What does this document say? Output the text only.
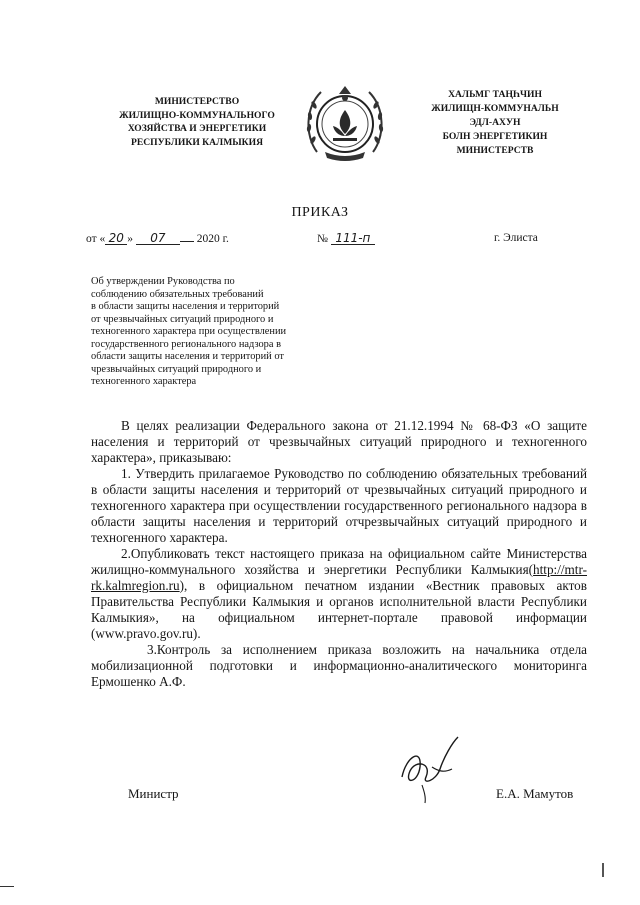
МИНИСТЕРСТВО
ЖИЛИЩНО-КОММУНАЛЬНОГО
ХОЗЯЙСТВА И ЭНЕРГЕТИКИ
РЕСПУБЛИКИ КАЛМЫКИЯ
ХАЛЬМГ ТАҢҺЧИН
ЖИЛИЩН-КОММУНАЛЬН
ЭДЛ-АХУН
БОЛН ЭНЕРГЕТИКИН
МИНИСТЕРСТВ
ПРИКАЗ
от « 20 » 07	2020 г.	№ 111-п	г. Элиста
Об утверждении Руководства по
соблюдению обязательных требований
в области защиты населения и территорий
от чрезвычайных ситуаций природного и
техногенного характера при осуществлении
государственного регионального надзора в
области защиты населения и территорий от
чрезвычайных ситуаций природного и
техногенного характера

В целях реализации Федерального закона от 21.12.1994 № 68-ФЗ «О защите населения и территорий от чрезвычайных ситуаций природного и техногенного характера», приказываю:

1. Утвердить прилагаемое Руководство по соблюдению обязательных требований в области защиты населения и территорий от чрезвычайных ситуаций природного и техногенного характера при осуществлении государственного регионального надзора в области защиты населения и территорий отчрезвычайных ситуаций природного и техногенного характера.

2.Опубликовать текст настоящего приказа на официальном сайте Министерства жилищно-коммунального хозяйства и энергетики Республики Калмыкия(http://mtr-rk.kalmregion.ru), в официальном печатном издании «Вестник правовых актов Правительства Республики Калмыкия и органов исполнительной власти Республики Калмыкия», на официальном интернет-портале правовой информации (www.pravo.gov.ru).

3.Контроль за исполнением приказа возложить на начальника отдела мобилизационной подготовки и информационно-аналитического мониторинга Ермошенко А.Ф.

Министр	Е.А. Мамутов
